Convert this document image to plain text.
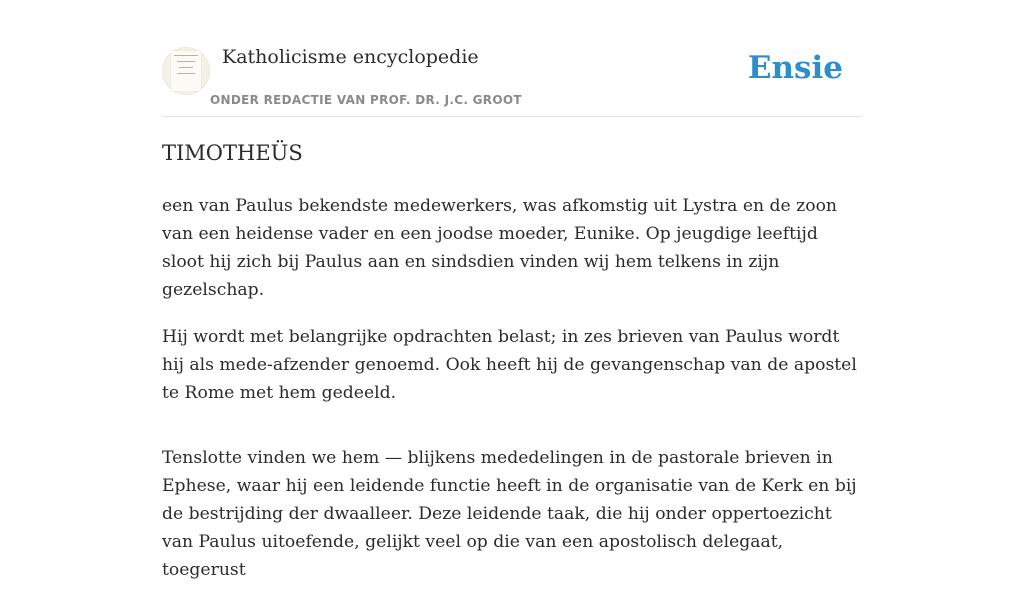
Katholicisme encyclopedie
ONDER REDACTIE VAN PROF. DR. J.C. GROOT
Ensie
TIMOTHEÜS

een van Paulus bekendste medewerkers, was afkomstig uit Lystra en de zoon van een heidense vader en een joodse moeder, Eunike. Op jeugdige leeftijd sloot hij zich bij Paulus aan en sindsdien vinden wij hem telkens in zijn gezelschap.

Hij wordt met belangrijke opdrachten belast; in zes brieven van Paulus wordt hij als mede-afzender genoemd. Ook heeft hij de gevangenschap van de apostel te Rome met hem gedeeld.

Tenslotte vinden we hem — blijkens mededelingen in de pastorale brieven in Ephese, waar hij een leidende functie heeft in de organisatie van de Kerk en bij de bestrijding der dwaalleer. Deze leidende taak, die hij onder oppertoezicht van Paulus uitoefende, gelijkt veel op die van een apostolisch delegaat, toegerust
